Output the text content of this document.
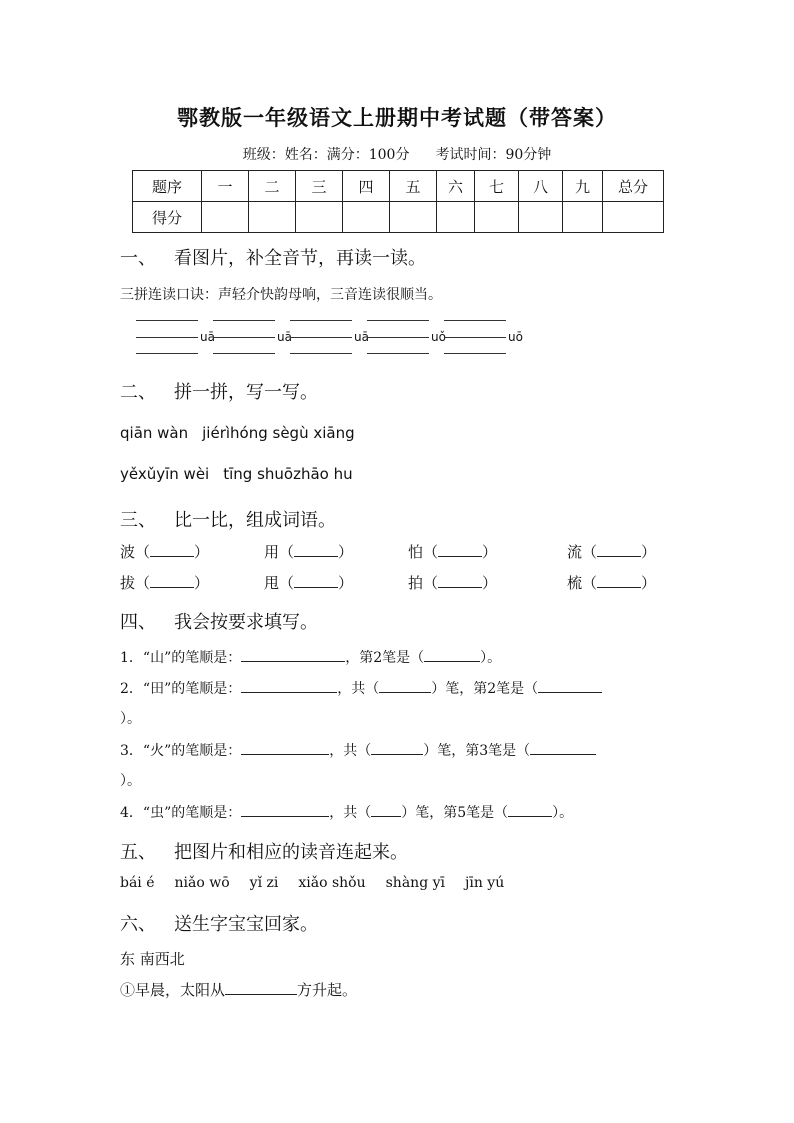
鄂教版一年级语文上册期中考试题（带答案）
班级：姓名：满分：100分 考试时间：90分钟
题序	一	二	三	四	五	六	七	八	九	总分
得分										
一、 看图片，补全音节，再读一读。
三拼连读口诀：声轻介快韵母响，三音连读很顺当。
uā	uā	uā	uǒ	uō
二、 拼一拼，写一写。
qiān wàn jiérìhóng sègù xiāng
yěxǔyīn wèi tīng shuōzhāo hu
三、 比一比，组成词语。
波（	）	用（	）	怕（	）	流（	）
拔（	）	甩（	）	拍（	）	梳（	）
四、 我会按要求填写。
1．“山”的笔顺是：	，第2笔是（	）。
2．“田”的笔顺是：	，共（	）笔，第2笔是（
）。
3．“火”的笔顺是：	，共（	）笔，第3笔是（
）。
4．“虫”的笔顺是：	，共（ ）笔，第5笔是（	）。
五、 把图片和相应的读音连起来。
bái é niǎo wō yǐ zi xiǎo shǒu shàng yī jīn yú
六、 送生字宝宝回家。
东 南西北
①早晨，太阳从	方升起。
